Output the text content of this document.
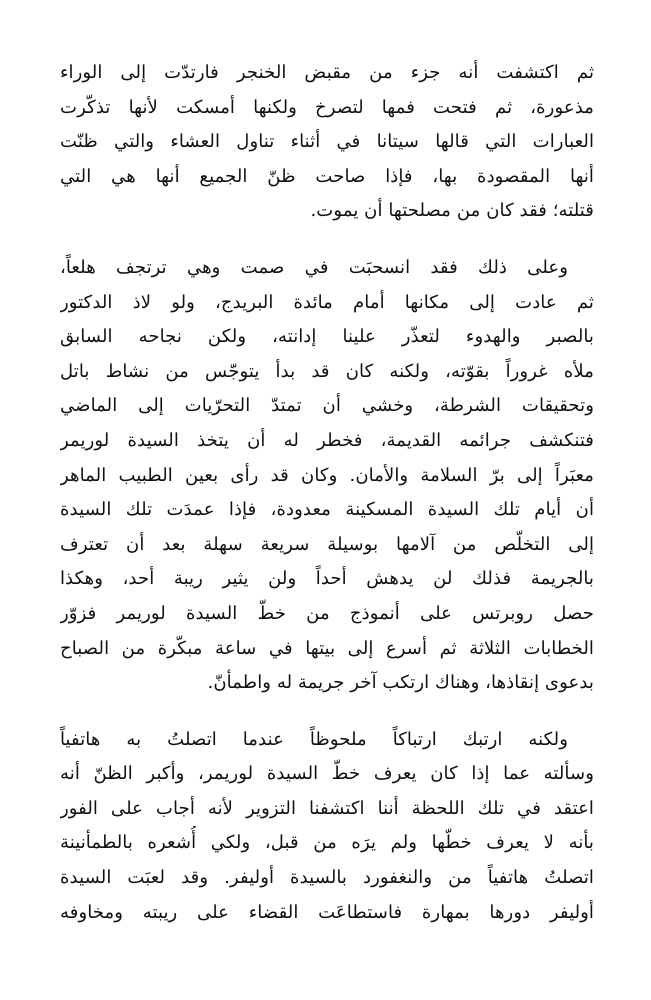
ثم اكتشفت أنه جزء من مقبض الخنجر فارتدّت إلى الوراء
مذعورة، ثم فتحت فمها لتصرخ ولكنها أمسكت لأنها تذكّرت
العبارات التي قالها سيتانا في أثناء تناول العشاء والتي ظنّت
أنها المقصودة بها، فإذا صاحت ظنّ الجميع أنها هي التي
قتلته؛ فقد كان من مصلحتها أن يموت.
وعلى ذلك فقد انسحبَت في صمت وهي ترتجف هلعاً،
ثم عادت إلى مكانها أمام مائدة البريدج، ولو لاذ الدكتور
بالصبر والهدوء لتعذّر علينا إدانته، ولكن نجاحه السابق
ملأه غروراً بقوّته، ولكنه كان قد بدأ يتوجّس من نشاط باتل
وتحقيقات الشرطة، وخشي أن تمتدّ التحرّيات إلى الماضي
فتنكشف جرائمه القديمة، فخطر له أن يتخذ السيدة لوريمر
معبَراً إلى برّ السلامة والأمان. وكان قد رأى بعين الطبيب الماهر
أن أيام تلك السيدة المسكينة معدودة، فإذا عمدَت تلك السيدة
إلى التخلّص من آلامها بوسيلة سريعة سهلة بعد أن تعترف
بالجريمة فذلك لن يدهش أحداً ولن يثير ريبة أحد، وهكذا
حصل روبرتس على أنموذج من خطّ السيدة لوريمر فزوّر
الخطابات الثلاثة ثم أسرع إلى بيتها في ساعة مبكّرة من الصباح
بدعوى إنقاذها، وهناك ارتكب آخر جريمة له واطمأنّ.
ولكنه ارتبك ارتباكاً ملحوظاً عندما اتصلتُ به هاتفياً
وسألته عما إذا كان يعرف خطّ السيدة لوريمر، وأكبر الظنّ أنه
اعتقد في تلك اللحظة أننا اكتشفنا التزوير لأنه أجاب على الفور
بأنه لا يعرف خطّها ولم يرَه من قبل، ولكي أُشعره بالطمأنينة
اتصلتُ هاتفياً من والنغفورد بالسيدة أوليفر. وقد لعبَت السيدة
أوليفر دورها بمهارة فاستطاعَت القضاء على ريبته ومخاوفه
